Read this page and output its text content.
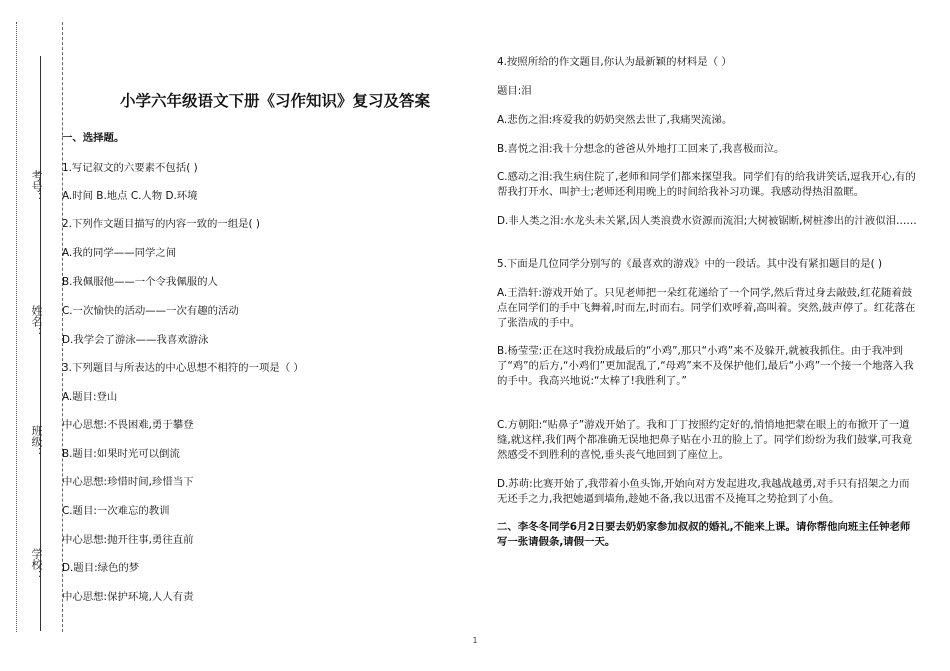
考号：
姓名：
班级：
学校：
小学六年级语文下册《习作知识》复习及答案
一、选择题。
1.写记叙文的六要素不包括( )
A.时间 B.地点 C.人物 D.环境
2.下列作文题目描写的内容一致的一组是( )
A.我的同学——同学之间
B.我佩服他——一个令我佩服的人
C.一次愉快的活动——一次有趣的活动
D.我学会了游泳——我喜欢游泳
3.下列题目与所表达的中心思想不相符的一项是（ ）
A.题目:登山
中心思想:不畏困难,勇于攀登
B.题目:如果时光可以倒流
中心思想:珍惜时间,珍惜当下
C.题目:一次难忘的教训
中心思想:抛开往事,勇往直前
D.题目:绿色的梦
中心思想:保护环境,人人有责
4.按照所给的作文题目,你认为最新颖的材料是（ ）
题目:泪
A.悲伤之泪:疼爱我的奶奶突然去世了,我痛哭流涕。
B.喜悦之泪:我十分想念的爸爸从外地打工回来了,我喜极而泣。
C.感动之泪:我生病住院了,老师和同学们都来探望我。同学们有的给我讲笑话,逗我开心,有的帮我打开水、叫护士;老师还利用晚上的时间给我补习功课。我感动得热泪盈眶。
D.非人类之泪:水龙头未关紧,因人类浪费水资源而流泪;大树被锯断,树桩渗出的汁液似泪……
5.下面是几位同学分别写的《最喜欢的游戏》中的一段话。其中没有紧扣题目的是( )
A.王浩轩:游戏开始了。只见老师把一朵红花递给了一个同学,然后背过身去敲鼓,红花随着鼓点在同学们的手中飞舞着,时而左,时而右。同学们欢呼着,高叫着。突然,鼓声停了。红花落在了张浩成的手中。
B.杨莹莹:正在这时我扮成最后的“小鸡”,那只“小鸡”来不及躲开,就被我抓住。由于我冲到了“鸡”的后方,“小鸡们”更加混乱了,“母鸡”来不及保护他们,最后“小鸡”一个接一个地落入我的手中。我高兴地说:“太棒了!我胜利了。”
C.方朝阳:“贴鼻子”游戏开始了。我和丁丁按照约定好的,悄悄地把蒙在眼上的布掀开了一道缝,就这样,我们两个都准确无误地把鼻子贴在小丑的脸上了。同学们纷纷为我们鼓掌,可我竟然感受不到胜利的喜悦,垂头丧气地回到了座位上。
D.苏萌:比赛开始了,我带着小鱼头饰,开始向对方发起进攻,我越战越勇,对手只有招架之力而无还手之力,我把她逼到墙角,趁她不备,我以迅雷不及掩耳之势抢到了小鱼。
二、李冬冬同学6月2日要去奶奶家参加叔叔的婚礼,不能来上课。请你帮他向班主任钟老师写一张请假条,请假一天。
1
